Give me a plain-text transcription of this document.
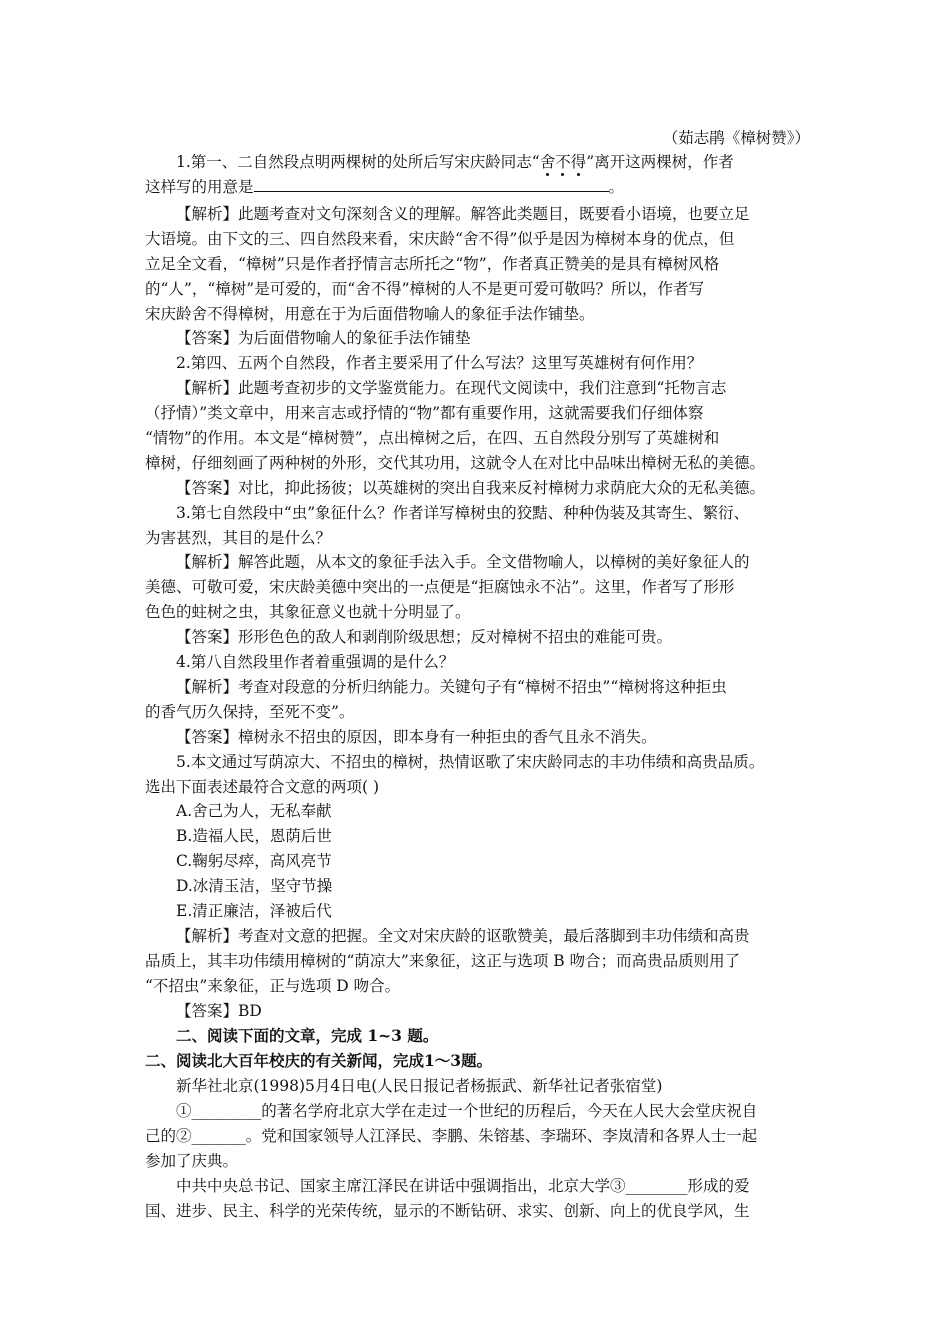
（茹志鹃《樟树赞》）
1.第一、二自然段点明两棵树的处所后写宋庆龄同志“舍不得”离开这两棵树，作者
这样写的用意是	。
【解析】此题考查对文句深刻含义的理解。解答此类题目，既要看小语境，也要立足
大语境。由下文的三、四自然段来看，宋庆龄“舍不得”似乎是因为樟树本身的优点，但
立足全文看，“樟树”只是作者抒情言志所托之“物”，作者真正赞美的是具有樟树风格
的“人”，“樟树”是可爱的，而“舍不得”樟树的人不是更可爱可敬吗？所以，作者写
宋庆龄舍不得樟树，用意在于为后面借物喻人的象征手法作铺垫。
【答案】为后面借物喻人的象征手法作铺垫
2.第四、五两个自然段，作者主要采用了什么写法？这里写英雄树有何作用？
【解析】此题考查初步的文学鉴赏能力。在现代文阅读中，我们注意到“托物言志
（抒情）”类文章中，用来言志或抒情的“物”都有重要作用，这就需要我们仔细体察
“情物”的作用。本文是“樟树赞”，点出樟树之后，在四、五自然段分别写了英雄树和
樟树，仔细刻画了两种树的外形，交代其功用，这就令人在对比中品味出樟树无私的美德。
【答案】对比，抑此扬彼；以英雄树的突出自我来反衬樟树力求荫庇大众的无私美德。
3.第七自然段中“虫”象征什么？作者详写樟树虫的狡黠、种种伪装及其寄生、繁衍、
为害甚烈，其目的是什么？
【解析】解答此题，从本文的象征手法入手。全文借物喻人，以樟树的美好象征人的
美德、可敬可爱，宋庆龄美德中突出的一点便是“拒腐蚀永不沾”。这里，作者写了形形
色色的蛀树之虫，其象征意义也就十分明显了。
【答案】形形色色的敌人和剥削阶级思想；反对樟树不招虫的难能可贵。
4.第八自然段里作者着重强调的是什么？
【解析】考查对段意的分析归纳能力。关键句子有“樟树不招虫”“樟树将这种拒虫
的香气历久保持，至死不变”。
【答案】樟树永不招虫的原因，即本身有一种拒虫的香气且永不消失。
5.本文通过写荫凉大、不招虫的樟树，热情讴歌了宋庆龄同志的丰功伟绩和高贵品质。
选出下面表述最符合文意的两项( )
A.舍己为人，无私奉献
B.造福人民，恩荫后世
C.鞠躬尽瘁，高风亮节
D.冰清玉洁，坚守节操
E.清正廉洁，泽被后代
【解析】考查对文意的把握。全文对宋庆龄的讴歌赞美，最后落脚到丰功伟绩和高贵
品质上，其丰功伟绩用樟树的“荫凉大”来象征，这正与选项 B 吻合；而高贵品质则用了
“不招虫”来象征，正与选项 D 吻合。
【答案】BD
二、阅读下面的文章，完成 1~3 题。
二、阅读北大百年校庆的有关新闻，完成1～3题。
新华社北京(1998)5月4日电(人民日报记者杨振武、新华社记者张宿堂)
①_________的著名学府北京大学在走过一个世纪的历程后，今天在人民大会堂庆祝自
己的②_______。党和国家领导人江泽民、李鹏、朱镕基、李瑞环、李岚清和各界人士一起
参加了庆典。
中共中央总书记、国家主席江泽民在讲话中强调指出，北京大学③________形成的爱
国、进步、民主、科学的光荣传统，显示的不断钻研、求实、创新、向上的优良学风，生
